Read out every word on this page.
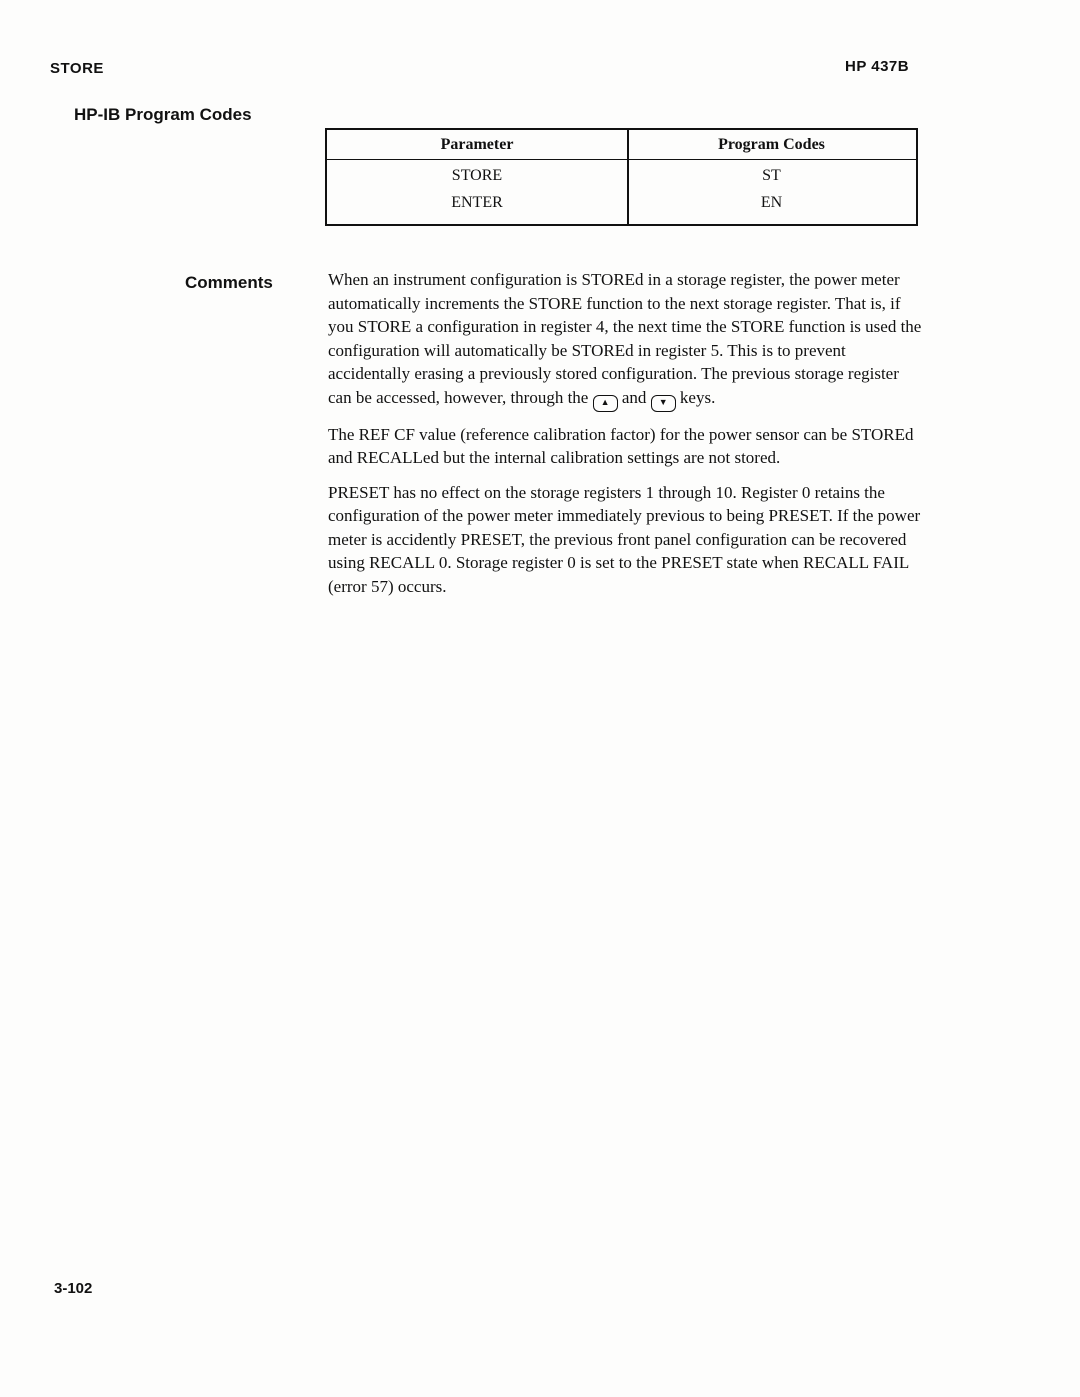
STORE	HP 437B
HP-IB Program Codes
Parameter	Program Codes
STORE	ST
ENTER	EN
Comments	When an instrument configuration is STOREd in a storage register, the power meter automatically increments the STORE function to the next storage register. That is, if you STORE a configuration in register 4, the next time the STORE function is used the configuration will automatically be STOREd in register 5. This is to prevent accidentally erasing a previously stored configuration. The previous storage register can be accessed, however, through the ▲ and ▼ keys.

The REF CF value (reference calibration factor) for the power sensor can be STOREd and RECALLed but the internal calibration settings are not stored.

PRESET has no effect on the storage registers 1 through 10. Register 0 retains the configuration of the power meter immediately previous to being PRESET. If the power meter is accidently PRESET, the previous front panel configuration can be recovered using RECALL 0. Storage register 0 is set to the PRESET state when RECALL FAIL (error 57) occurs.

3-102
